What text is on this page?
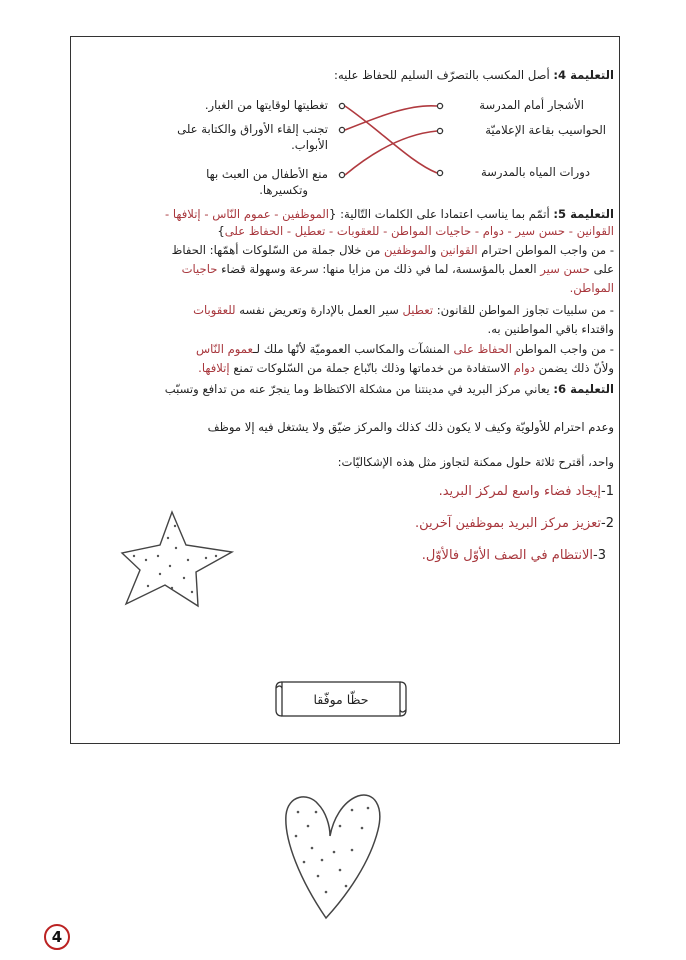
التعليمة 4: أصل المكسب بالتصرّف السليم للحفاظ عليه:
الأشجار أمام المدرسة
الحواسيب بقاعة الإعلاميّة
دورات المياه بالمدرسة
تغطيتها لوقايتها من الغبار.
تجنب إلقاء الأوراق والكتابة على
الأبواب.
منع الأطفال من العبث بها
وتكسيرها.
التعليمة 5: أتمّم بما يناسب اعتمادا على الكلمات التّالية: {الموظفين - عموم النّاس - إتلافها -
القوانين - حسن سير - دوام - حاجيات المواطن - للعقوبات - تعطيل - الحفاظ على}
- من واجب المواطن احترام القوانين والموظفين من خلال جملة من السّلوكات أهمّها: الحفاظ
على حسن سير العمل بالمؤسسة، لما في ذلك من مزايا منها: سرعة وسهولة قضاء حاجيات
المواطن.
- من سلبيات تجاوز المواطن للقانون: تعطيل سير العمل بالإدارة وتعريض نفسه للعقوبات
واقتداء باقي المواطنين به.
- من واجب المواطن الحفاظ على المنشآت والمكاسب العموميّة لأنّها ملك لـعموم النّاس
ولأنّ ذلك يضمن دوام الاستفادة من خدماتها وذلك باتّباع جملة من السّلوكات تمنع إتلافها.
التعليمة 6: يعاني مركز البريد في مدينتنا من مشكلة الاكتظاظ وما ينجرّ عنه من تدافع وتسبّب
وعدم احترام للأولويّة وكيف لا يكون ذلك كذلك والمركز ضيّق ولا يشتغل فيه إلا موظف
واحد، أقترح ثلاثة حلول ممكنة لتجاوز مثل هذه الإشكاليّات:
1-إيجاد فضاء واسع لمركز البريد.
2-تعزيز مركز البريد بموظفين آخرين.
3-الانتظام في الصف الأوّل فالأوّل.
حظّا موفّقا
4
